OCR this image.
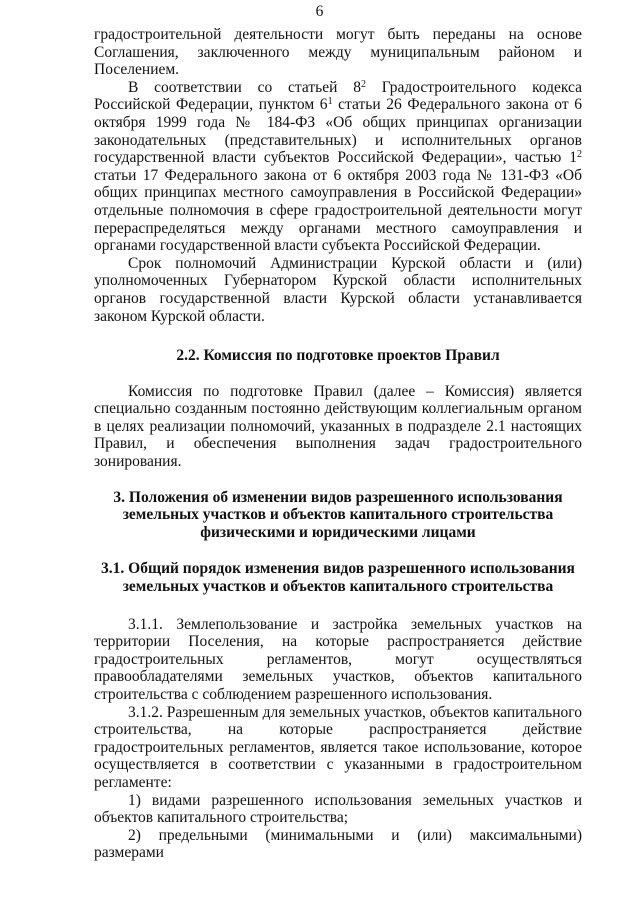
6

градостроительной деятельности могут быть переданы на основе Соглашения, заключенного между муниципальным районом и Поселением.

В соответствии со статьей $8^2$ Градостроительного кодекса Российской Федерации, пунктом $6^1$ статьи 26 Федерального закона от 6 октября 1999 года № 184-ФЗ «Об общих принципах организации законодательных (представительных) и исполнительных органов государственной власти субъектов Российской Федерации», частью $1^2$ статьи 17 Федерального закона от 6 октября 2003 года № 131-ФЗ «Об общих принципах местного самоуправления в Российской Федерации» отдельные полномочия в сфере градостроительной деятельности могут перераспределяться между органами местного самоуправления и органами государственной власти субъекта Российской Федерации.

Срок полномочий Администрации Курской области и (или) уполномоченных Губернатором Курской области исполнительных органов государственной власти Курской области устанавливается законом Курской области.

2.2. Комиссия по подготовке проектов Правил

Комиссия по подготовке Правил (далее – Комиссия) является специально созданным постоянно действующим коллегиальным органом в целях реализации полномочий, указанных в подразделе 2.1 настоящих Правил, и обеспечения выполнения задач градостроительного зонирования.

3. Положения об изменении видов разрешенного использования
земельных участков и объектов капитального строительства
физическими и юридическими лицами
3.1. Общий порядок изменения видов разрешенного использования
земельных участков и объектов капитального строительства

3.1.1. Землепользование и застройка земельных участков на территории Поселения, на которые распространяется действие градостроительных регламентов, могут осуществляться правообладателями земельных участков, объектов капитального строительства с соблюдением разрешенного использования.

3.1.2. Разрешенным для земельных участков, объектов капитального строительства, на которые распространяется действие градостроительных регламентов, является такое использование, которое осуществляется в соответствии с указанными в градостроительном регламенте:

1) видами разрешенного использования земельных участков и объектов капитального строительства;

2) предельными (минимальными и (или) максимальными) размерами
